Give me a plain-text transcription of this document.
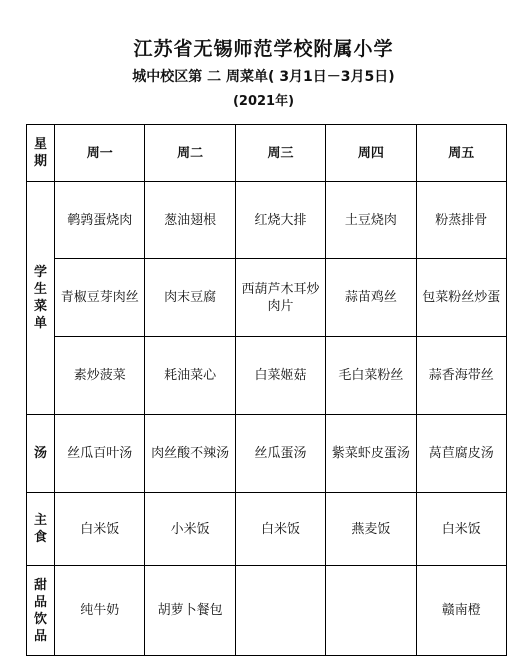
江苏省无锡师范学校附属小学
城中校区第 二 周菜单( 3月1日－3月5日)
(2021年)
星期	周一	周二	周三	周四	周五
学生菜单	鹌鹑蛋烧肉	葱油翅根	红烧大排	土豆烧肉	粉蒸排骨
	青椒豆芽肉丝	肉末豆腐	西葫芦木耳炒肉片	蒜苗鸡丝	包菜粉丝炒蛋
	素炒菠菜	耗油菜心	白菜姬菇	毛白菜粉丝	蒜香海带丝
汤	丝瓜百叶汤	肉丝酸不辣汤	丝瓜蛋汤	紫菜虾皮蛋汤	莴苣腐皮汤
主食	白米饭	小米饭	白米饭	燕麦饭	白米饭
甜品饮品	纯牛奶	胡萝卜餐包			赣南橙
